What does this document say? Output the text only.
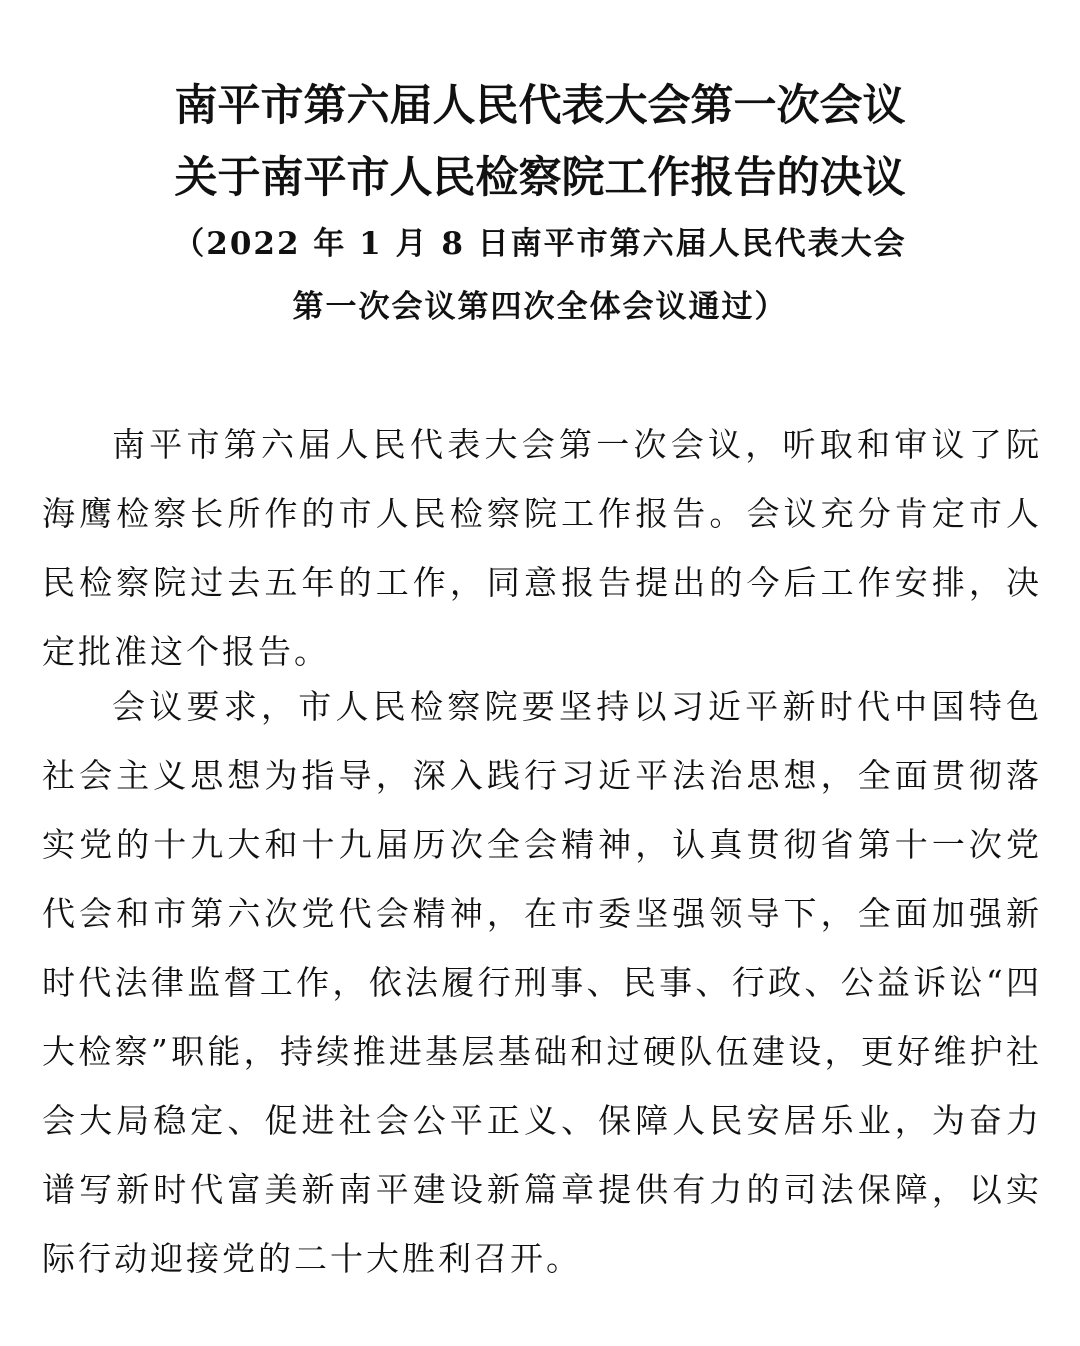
南平市第六届人民代表大会第一次会议
关于南平市人民检察院工作报告的决议
（2022 年 1 月 8 日南平市第六届人民代表大会
第一次会议第四次全体会议通过）

南平市第六届人民代表大会第一次会议，听取和审议了阮海鹰检察长所作的市人民检察院工作报告。会议充分肯定市人民检察院过去五年的工作，同意报告提出的今后工作安排，决定批准这个报告。

会议要求，市人民检察院要坚持以习近平新时代中国特色社会主义思想为指导，深入践行习近平法治思想，全面贯彻落实党的十九大和十九届历次全会精神，认真贯彻省第十一次党代会和市第六次党代会精神，在市委坚强领导下，全面加强新时代法律监督工作，依法履行刑事、民事、行政、公益诉讼“四大检察”职能，持续推进基层基础和过硬队伍建设，更好维护社会大局稳定、促进社会公平正义、保障人民安居乐业，为奋力谱写新时代富美新南平建设新篇章提供有力的司法保障，以实际行动迎接党的二十大胜利召开。
